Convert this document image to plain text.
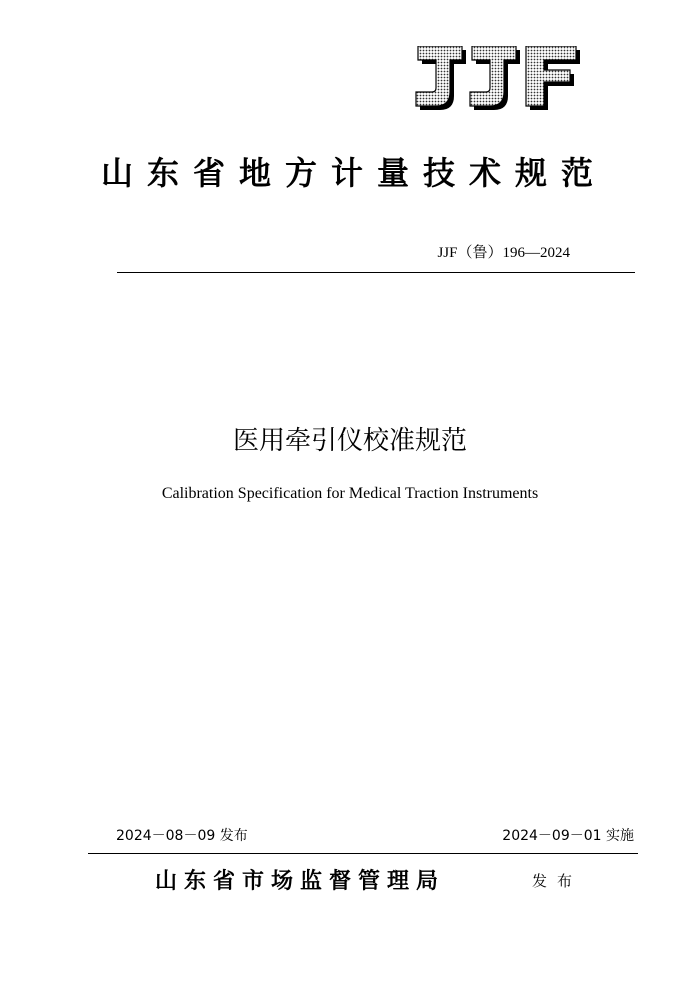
山东省地方计量技术规范
JJF（鲁）196—2024
医用牵引仪校准规范
Calibration Specification for Medical Traction Instruments
2024－08－09 发布	2024－09－01 实施
山东省市场监督管理局	发布
